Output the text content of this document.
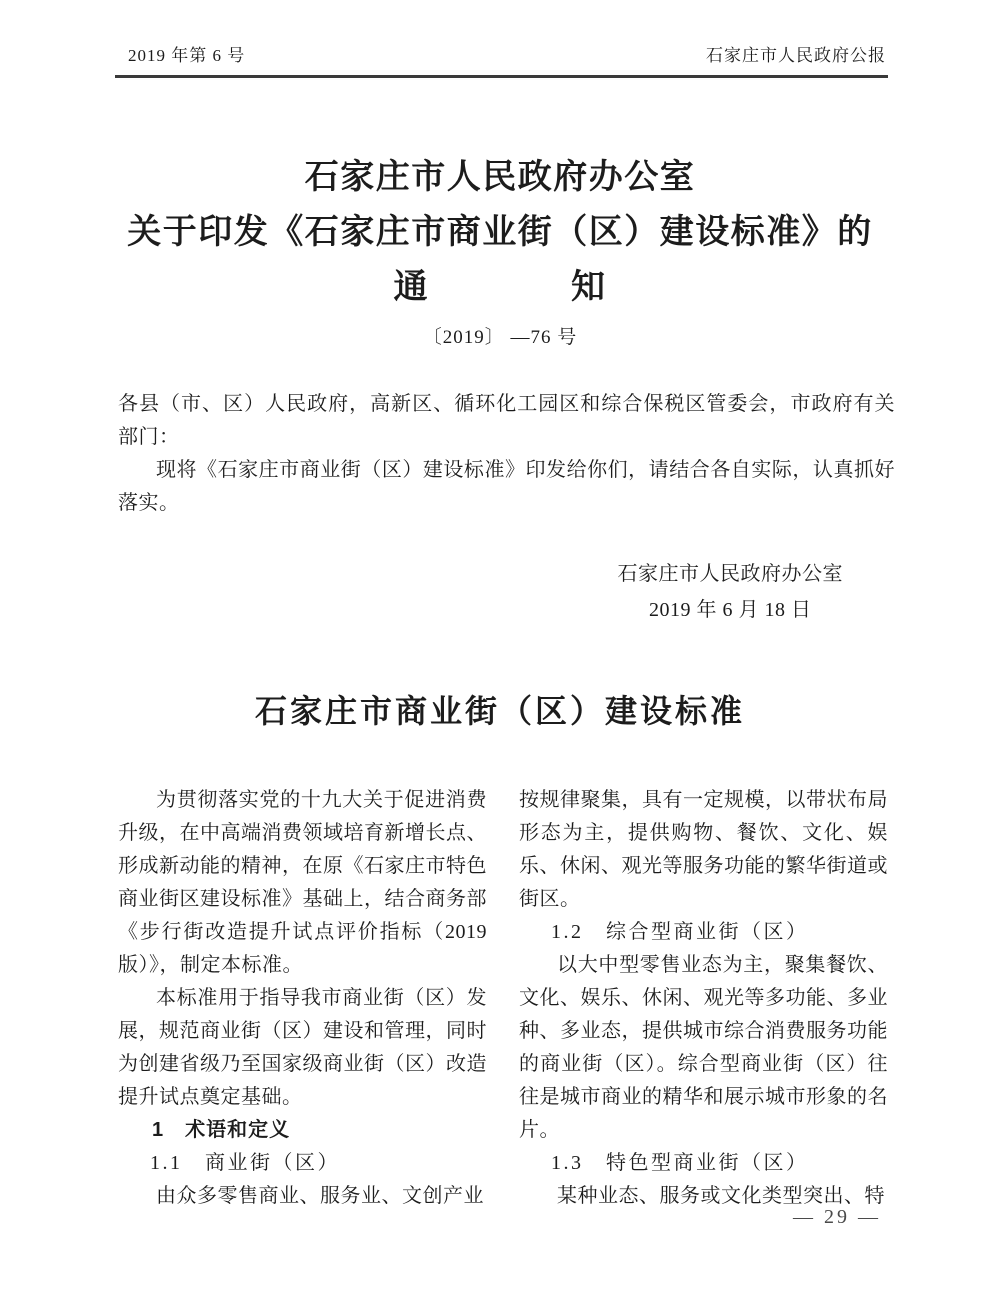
2019 年第 6 号	石家庄市人民政府公报
石家庄市人民政府办公室
关于印发《石家庄市商业街（区）建设标准》的
通　　　　知
〔2019〕 —76 号

各县（市、区）人民政府，高新区、循环化工园区和综合保税区管委会，市政府有关部门：

现将《石家庄市商业街（区）建设标准》印发给你们，请结合各自实际，认真抓好落实。

石家庄市人民政府办公室
2019 年 6 月 18 日
石家庄市商业街（区）建设标准

为贯彻落实党的十九大关于促进消费升级，在中高端消费领域培育新增长点、形成新动能的精神，在原《石家庄市特色商业街区建设标准》基础上，结合商务部《步行街改造提升试点评价指标（2019版）》，制定本标准。

本标准用于指导我市商业街（区）发展，规范商业街（区）建设和管理，同时为创建省级乃至国家级商业街（区）改造提升试点奠定基础。

1　术语和定义

1.1　商业街（区）

由众多零售商业、服务业、文创产业

按规律聚集，具有一定规模，以带状布局形态为主，提供购物、餐饮、文化、娱乐、休闲、观光等服务功能的繁华街道或街区。

1.2　综合型商业街（区）

以大中型零售业态为主，聚集餐饮、文化、娱乐、休闲、观光等多功能、多业种、多业态，提供城市综合消费服务功能的商业街（区）。综合型商业街（区）往往是城市商业的精华和展示城市形象的名片。

1.3　特色型商业街（区）

某种业态、服务或文化类型突出、特

— 29 —
